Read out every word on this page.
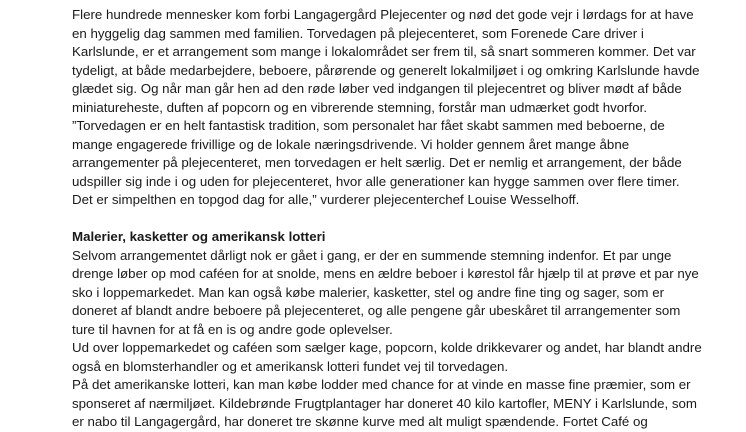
Flere hundrede mennesker kom forbi Langagergård Plejecenter og nød det gode vejr i lørdags for at have
en hyggelig dag sammen med familien. Torvedagen på plejecenteret, som Forenede Care driver i
Karlslunde, er et arrangement som mange i lokalområdet ser frem til, så snart sommeren kommer. Det var
tydeligt, at både medarbejdere, beboere, pårørende og generelt lokalmiljøet i og omkring Karlslunde havde
glædet sig. Og når man går hen ad den røde løber ved indgangen til plejecentret og bliver mødt af både
miniatureheste, duften af popcorn og en vibrerende stemning, forstår man udmærket godt hvorfor.

”Torvedagen er en helt fantastisk tradition, som personalet har fået skabt sammen med beboerne, de
mange engagerede frivillige og de lokale næringsdrivende. Vi holder gennem året mange åbne
arrangementer på plejecenteret, men torvedagen er helt særlig. Det er nemlig et arrangement, der både
udspiller sig inde i og uden for plejecenteret, hvor alle generationer kan hygge sammen over flere timer.
Det er simpelthen en topgod dag for alle,” vurderer plejecenterchef Louise Wesselhoff.

Malerier, kasketter og amerikansk lotteri

Selvom arrangementet dårligt nok er gået i gang, er der en summende stemning indenfor. Et par unge
drenge løber op mod caféen for at snolde, mens en ældre beboer i kørestol får hjælp til at prøve et par nye
sko i loppemarkedet. Man kan også købe malerier, kasketter, stel og andre fine ting og sager, som er
doneret af blandt andre beboere på plejecenteret, og alle pengene går ubeskåret til arrangementer som
ture til havnen for at få en is og andre gode oplevelser.

Ud over loppemarkedet og caféen som sælger kage, popcorn, kolde drikkevarer og andet, har blandt andre
også en blomsterhandler og et amerikansk lotteri fundet vej til torvedagen.

På det amerikanske lotteri, kan man købe lodder med chance for at vinde en masse fine præmier, som er
sponseret af nærmiljøet. Kildebrønde Frugtplantager har doneret 40 kilo kartofler, MENY i Karlslunde, som
er nabo til Langagergård, har doneret tre skønne kurve med alt muligt spændende. Fortet Café og
